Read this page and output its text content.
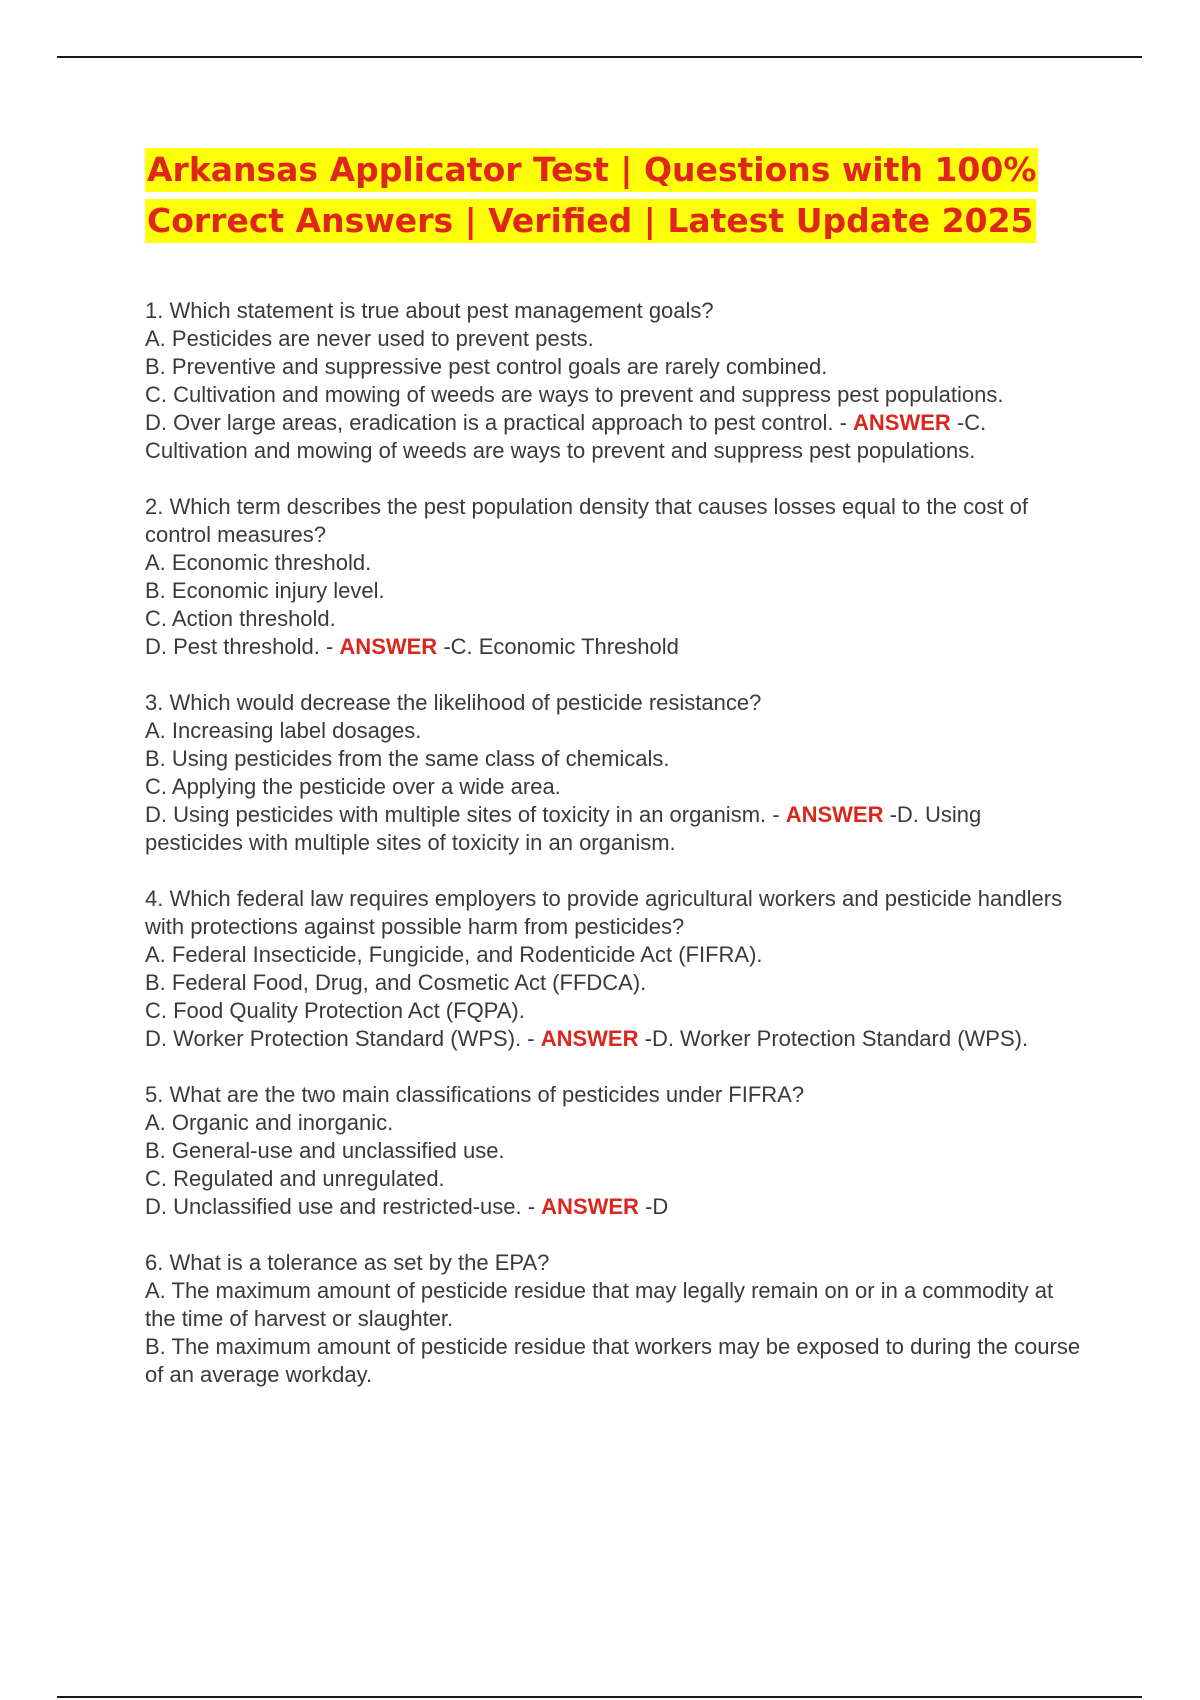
Arkansas Applicator Test | Questions with 100%
Correct Answers | Verified | Latest Update 2025
1. Which statement is true about pest management goals?
A. Pesticides are never used to prevent pests.
B. Preventive and suppressive pest control goals are rarely combined.
C. Cultivation and mowing of weeds are ways to prevent and suppress pest populations.
D. Over large areas, eradication is a practical approach to pest control. - ANSWER -C. Cultivation and mowing of weeds are ways to prevent and suppress pest populations.
2. Which term describes the pest population density that causes losses equal to the cost of control measures?
A. Economic threshold.
B. Economic injury level.
C. Action threshold.
D. Pest threshold. - ANSWER -C. Economic Threshold
3. Which would decrease the likelihood of pesticide resistance?
A. Increasing label dosages.
B. Using pesticides from the same class of chemicals.
C. Applying the pesticide over a wide area.
D. Using pesticides with multiple sites of toxicity in an organism. - ANSWER -D. Using pesticides with multiple sites of toxicity in an organism.
4. Which federal law requires employers to provide agricultural workers and pesticide handlers with protections against possible harm from pesticides?
A. Federal Insecticide, Fungicide, and Rodenticide Act (FIFRA).
B. Federal Food, Drug, and Cosmetic Act (FFDCA).
C. Food Quality Protection Act (FQPA).
D. Worker Protection Standard (WPS). - ANSWER -D. Worker Protection Standard (WPS).
5. What are the two main classifications of pesticides under FIFRA?
A. Organic and inorganic.
B. General-use and unclassified use.
C. Regulated and unregulated.
D. Unclassified use and restricted-use. - ANSWER -D
6. What is a tolerance as set by the EPA?
A. The maximum amount of pesticide residue that may legally remain on or in a commodity at the time of harvest or slaughter.
B. The maximum amount of pesticide residue that workers may be exposed to during the course of an average workday.
